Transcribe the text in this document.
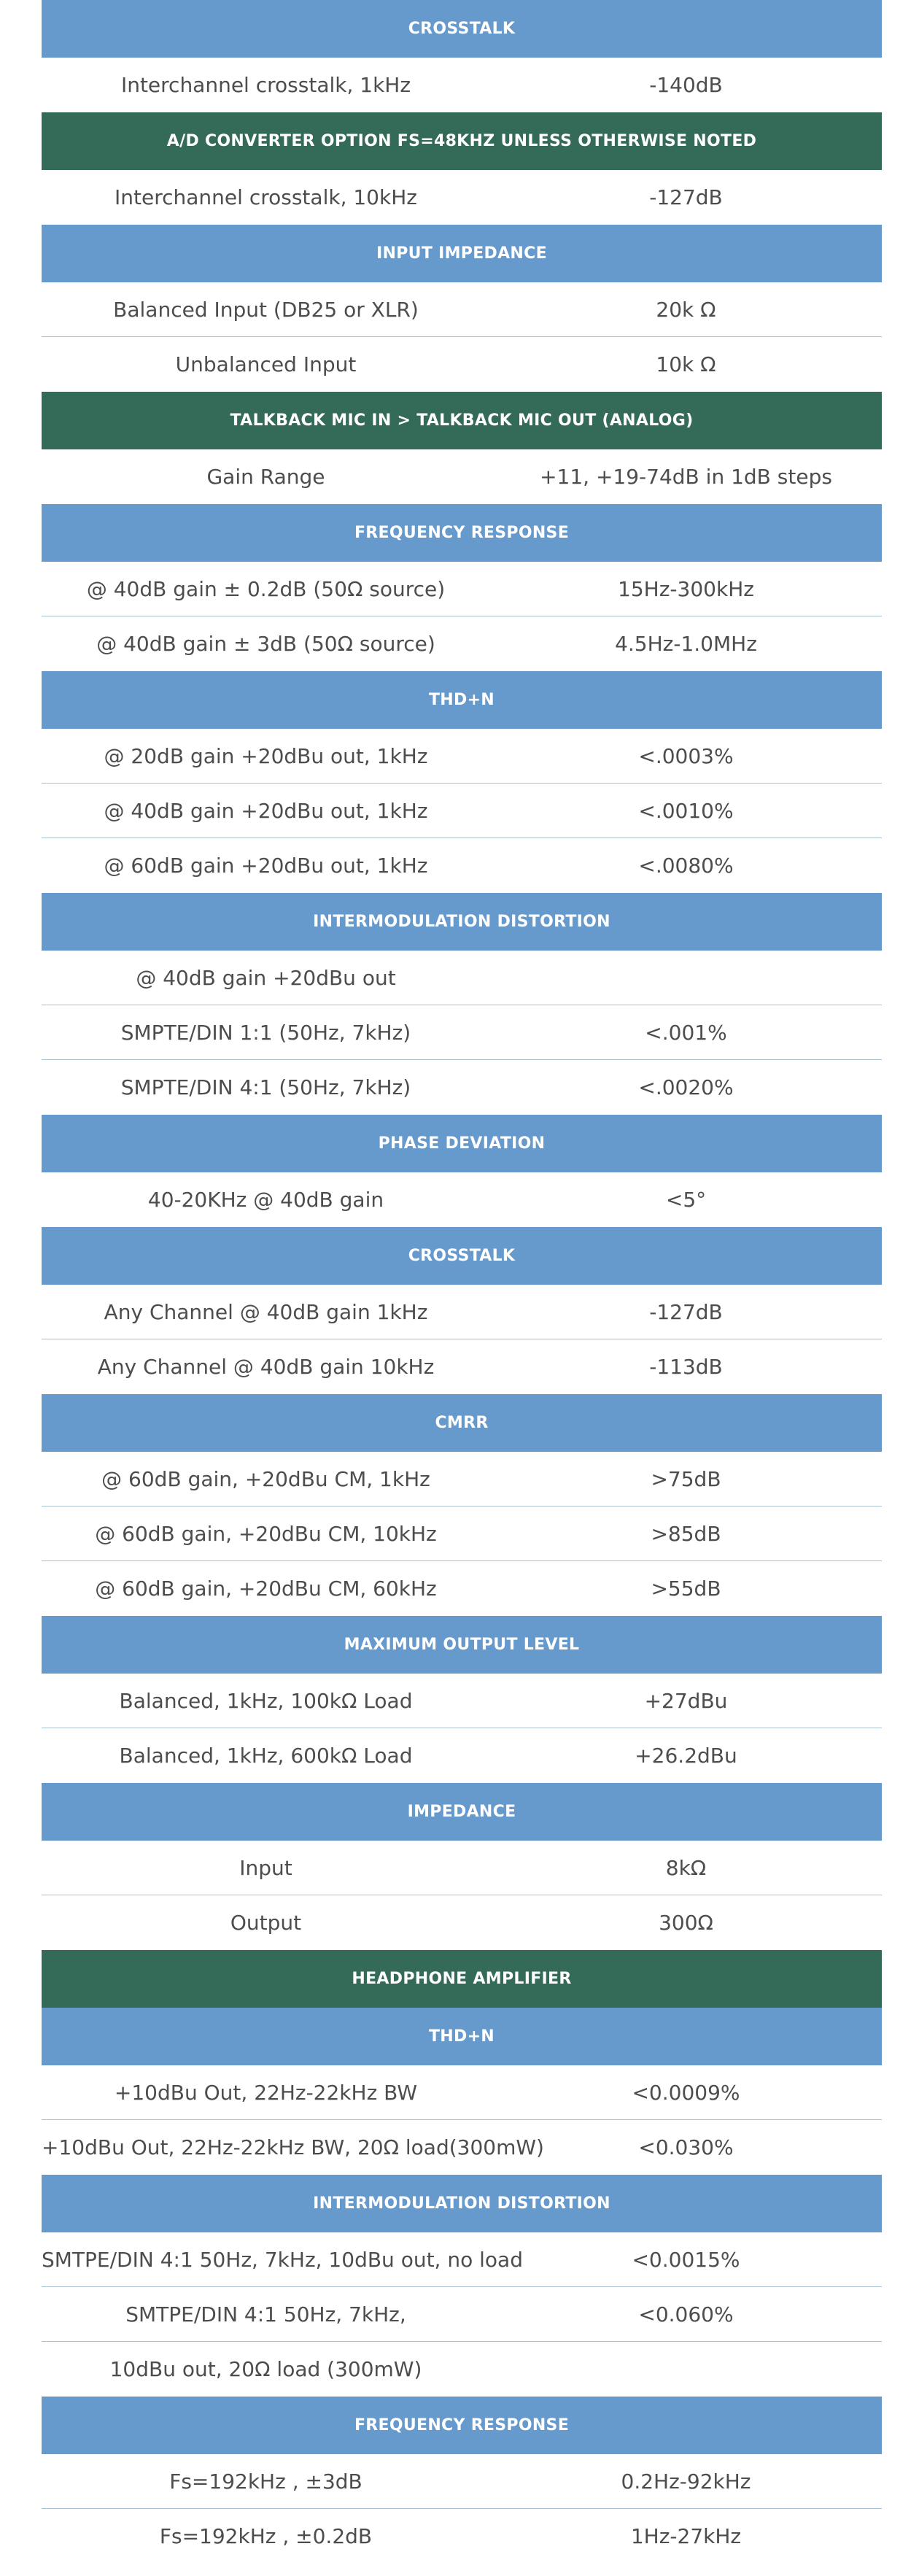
CROSSTALK
Interchannel crosstalk, 1kHz	-140dB
A/D CONVERTER OPTION FS=48KHZ UNLESS OTHERWISE NOTED
Interchannel crosstalk, 10kHz	-127dB
INPUT IMPEDANCE
Balanced Input (DB25 or XLR)	20k Ω
Unbalanced Input	10k Ω
TALKBACK MIC IN > TALKBACK MIC OUT (ANALOG)
Gain Range	+11, +19-74dB in 1dB steps
FREQUENCY RESPONSE
@ 40dB gain ± 0.2dB (50Ω source)	15Hz-300kHz
@ 40dB gain ± 3dB (50Ω source)	4.5Hz-1.0MHz
THD+N
@ 20dB gain +20dBu out, 1kHz	<.0003%
@ 40dB gain +20dBu out, 1kHz	<.0010%
@ 60dB gain +20dBu out, 1kHz	<.0080%
INTERMODULATION DISTORTION
@ 40dB gain +20dBu out
SMPTE/DIN 1:1 (50Hz, 7kHz)	<.001%
SMPTE/DIN 4:1 (50Hz, 7kHz)	<.0020%
PHASE DEVIATION
40-20KHz @ 40dB gain	<5°
CROSSTALK
Any Channel @ 40dB gain 1kHz	-127dB
Any Channel @ 40dB gain 10kHz	-113dB
CMRR
@ 60dB gain, +20dBu CM, 1kHz	>75dB
@ 60dB gain, +20dBu CM, 10kHz	>85dB
@ 60dB gain, +20dBu CM, 60kHz	>55dB
MAXIMUM OUTPUT LEVEL
Balanced, 1kHz, 100kΩ Load	+27dBu
Balanced, 1kHz, 600kΩ Load	+26.2dBu
IMPEDANCE
Input	8kΩ
Output	300Ω
HEADPHONE AMPLIFIER
THD+N
+10dBu Out, 22Hz-22kHz BW	<0.0009%
+10dBu Out, 22Hz-22kHz BW, 20Ω load(300mW)	<0.030%
INTERMODULATION DISTORTION
SMTPE/DIN 4:1 50Hz, 7kHz, 10dBu out, no load	<0.0015%
SMTPE/DIN 4:1 50Hz, 7kHz,	<0.060%
10dBu out, 20Ω load (300mW)
FREQUENCY RESPONSE
Fs=192kHz , ±3dB	0.2Hz-92kHz
Fs=192kHz , ±0.2dB	1Hz-27kHz
